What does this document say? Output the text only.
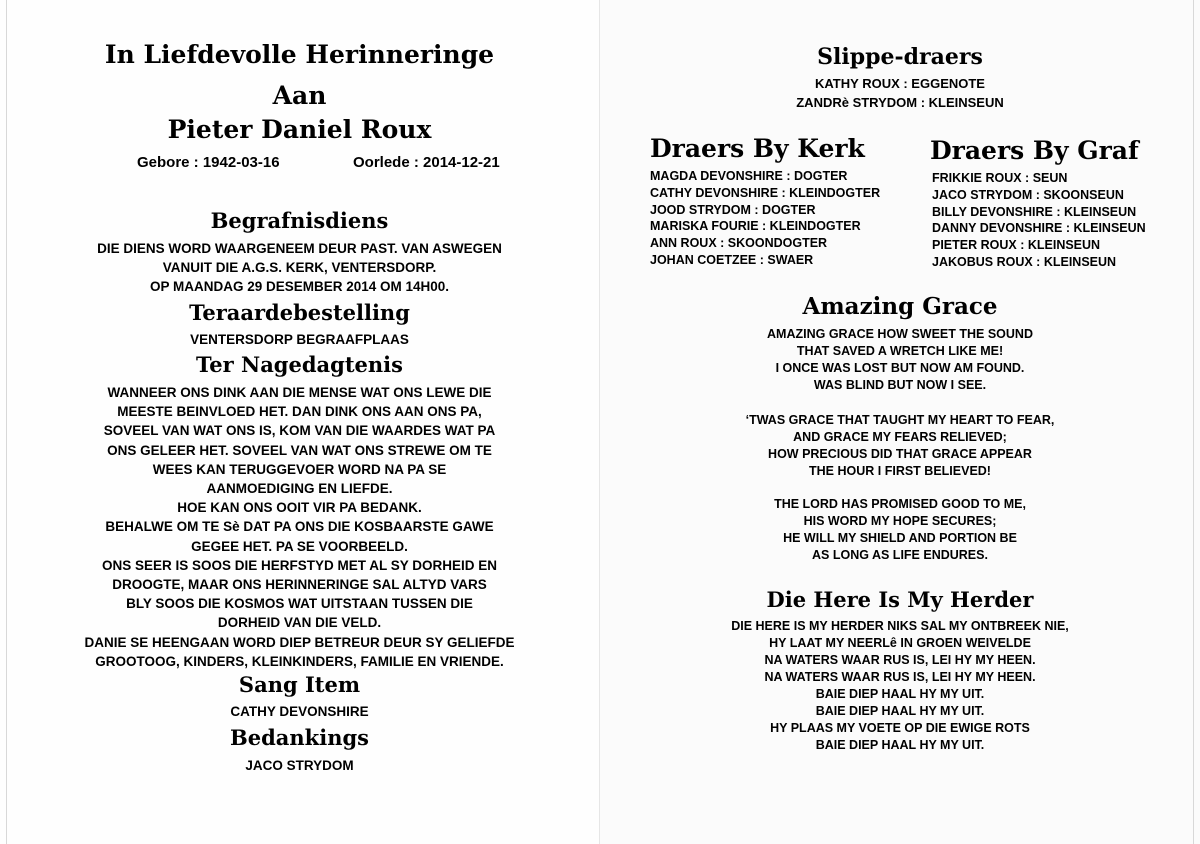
In Liefdevolle Herinneringe
Aan
Pieter Daniel Roux
Gebore : 1942-03-16	Oorlede : 2014-12-21
Begrafnisdiens
DIE DIENS WORD WAARGENEEM DEUR PAST. VAN ASWEGEN
VANUIT DIE A.G.S. KERK, VENTERSDORP.
OP MAANDAG 29 DESEMBER 2014 OM 14H00.
Teraardebestelling
VENTERSDORP BEGRAAFPLAAS
Ter Nagedagtenis
WANNEER ONS DINK AAN DIE MENSE WAT ONS LEWE DIE
MEESTE BEINVLOED HET. DAN DINK ONS AAN ONS PA,
SOVEEL VAN WAT ONS IS, KOM VAN DIE WAARDES WAT PA
ONS GELEER HET. SOVEEL VAN WAT ONS STREWE OM TE
WEES KAN TERUGGEVOER WORD NA PA SE
AANMOEDIGING EN LIEFDE.
HOE KAN ONS OOIT VIR PA BEDANK.
BEHALWE OM TE Sè DAT PA ONS DIE KOSBAARSTE GAWE
GEGEE HET. PA SE VOORBEELD.
ONS SEER IS SOOS DIE HERFSTYD MET AL SY DORHEID EN
DROOGTE, MAAR ONS HERINNERINGE SAL ALTYD VARS
BLY SOOS DIE KOSMOS WAT UITSTAAN TUSSEN DIE
DORHEID VAN DIE VELD.
DANIE SE HEENGAAN WORD DIEP BETREUR DEUR SY GELIEFDE
GROOTOOG, KINDERS, KLEINKINDERS, FAMILIE EN VRIENDE.
Sang Item
CATHY DEVONSHIRE
Bedankings
JACO STRYDOM
Slippe-draers
KATHY ROUX : EGGENOTE
ZANDRè STRYDOM : KLEINSEUN
Draers By Kerk
MAGDA DEVONSHIRE : DOGTER
CATHY DEVONSHIRE : KLEINDOGTER
JOOD STRYDOM : DOGTER
MARISKA FOURIE : KLEINDOGTER
ANN ROUX : SKOONDOGTER
JOHAN COETZEE : SWAER
Draers By Graf
FRIKKIE ROUX : SEUN
JACO STRYDOM : SKOONSEUN
BILLY DEVONSHIRE : KLEINSEUN
DANNY DEVONSHIRE : KLEINSEUN
PIETER ROUX : KLEINSEUN
JAKOBUS ROUX : KLEINSEUN
Amazing Grace
AMAZING GRACE HOW SWEET THE SOUND
THAT SAVED A WRETCH LIKE ME!
I ONCE WAS LOST BUT NOW AM FOUND.
WAS BLIND BUT NOW I SEE.
‘TWAS GRACE THAT TAUGHT MY HEART TO FEAR,
AND GRACE MY FEARS RELIEVED;
HOW PRECIOUS DID THAT GRACE APPEAR
THE HOUR I FIRST BELIEVED!
THE LORD HAS PROMISED GOOD TO ME,
HIS WORD MY HOPE SECURES;
HE WILL MY SHIELD AND PORTION BE
AS LONG AS LIFE ENDURES.
Die Here Is My Herder
DIE HERE IS MY HERDER NIKS SAL MY ONTBREEK NIE,
HY LAAT MY NEERLê IN GROEN WEIVELDE
NA WATERS WAAR RUS IS, LEI HY MY HEEN.
NA WATERS WAAR RUS IS, LEI HY MY HEEN.
BAIE DIEP HAAL HY MY UIT.
BAIE DIEP HAAL HY MY UIT.
HY PLAAS MY VOETE OP DIE EWIGE ROTS
BAIE DIEP HAAL HY MY UIT.
